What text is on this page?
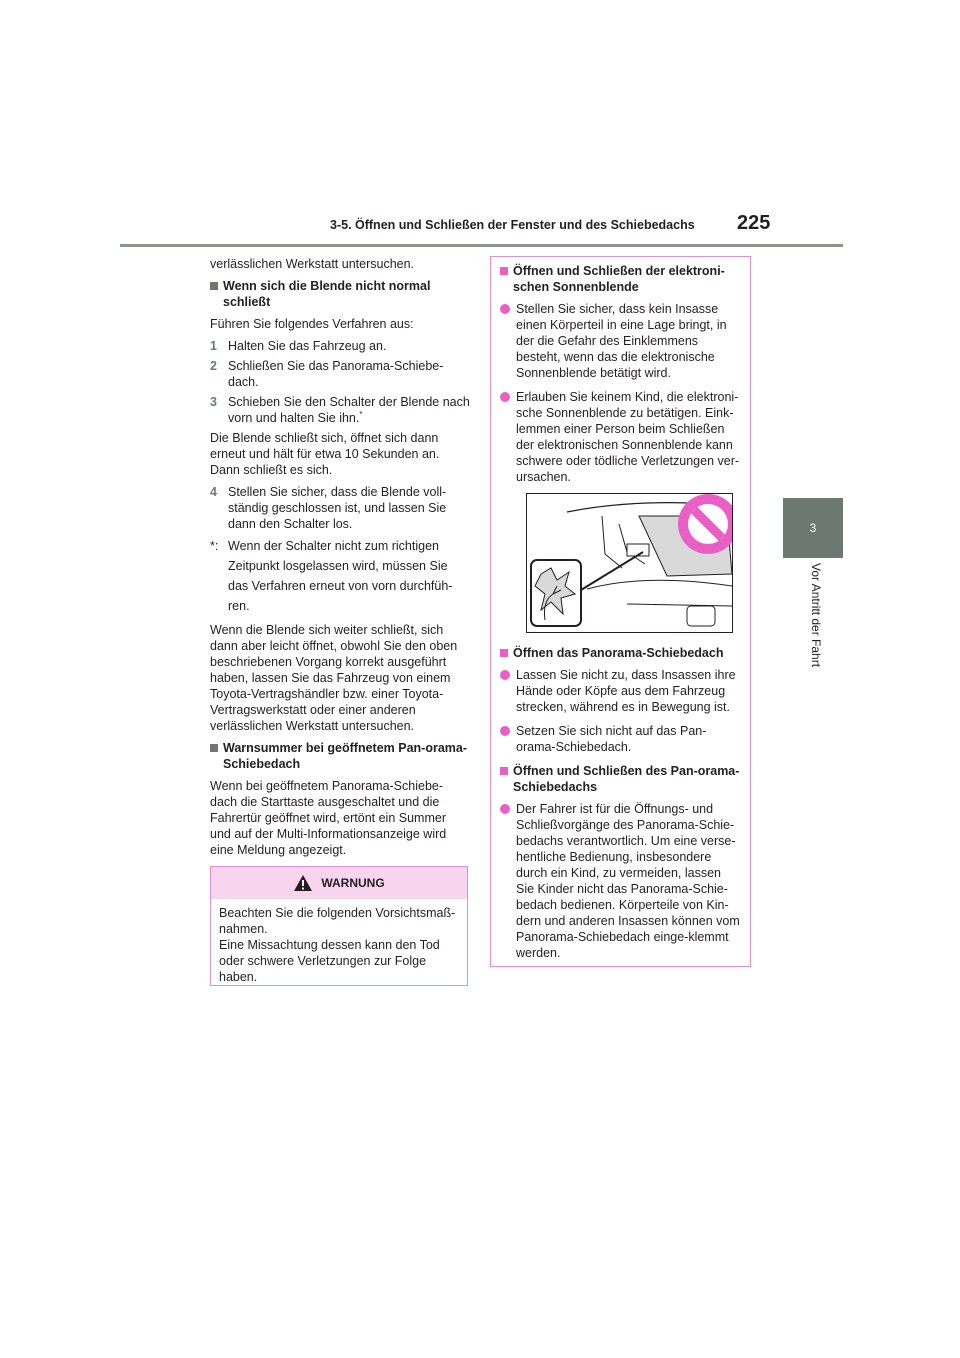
3-5. Öffnen und Schließen der Fenster und des Schiebedachs 225
3
Vor Antritt der Fahrt

verlässlichen Werkstatt untersuchen.

Wenn sich die Blende nicht normal schließt

Führen Sie folgendes Verfahren aus:

1 Halten Sie das Fahrzeug an.
2 Schließen Sie das Panorama-Schiebe-dach.
3 Schieben Sie den Schalter der Blende nach vorn und halten Sie ihn.*

Die Blende schließt sich, öffnet sich dann erneut und hält für etwa 10 Sekunden an. Dann schließt es sich.

4 Stellen Sie sicher, dass die Blende voll-ständig geschlossen ist, und lassen Sie dann den Schalter los.
*: Wenn der Schalter nicht zum richtigen Zeitpunkt losgelassen wird, müssen Sie das Verfahren erneut von vorn durchfüh-ren.

Wenn die Blende sich weiter schließt, sich dann aber leicht öffnet, obwohl Sie den oben beschriebenen Vorgang korrekt ausgeführt haben, lassen Sie das Fahrzeug von einem Toyota-Vertragshändler bzw. einer Toyota-Vertragswerkstatt oder einer anderen verlässlichen Werkstatt untersuchen.

Warnsummer bei geöffnetem Pan-orama-Schiebedach

Wenn bei geöffnetem Panorama-Schiebe-dach die Starttaste ausgeschaltet und die Fahrertür geöffnet wird, ertönt ein Summer und auf der Multi-Informationsanzeige wird eine Meldung angezeigt.

WARNUNG
Beachten Sie die folgenden Vorsichtsmaß-nahmen.
Eine Missachtung dessen kann den Tod oder schwere Verletzungen zur Folge haben.
Öffnen und Schließen der elektroni-schen Sonnenblende
Stellen Sie sicher, dass kein Insasse einen Körperteil in eine Lage bringt, in der die Gefahr des Einklemmens besteht, wenn das die elektronische Sonnenblende betätigt wird.
Erlauben Sie keinem Kind, die elektroni-sche Sonnenblende zu betätigen. Eink-lemmen einer Person beim Schließen der elektronischen Sonnenblende kann schwere oder tödliche Verletzungen ver-ursachen.
Öffnen das Panorama-Schiebedach
Lassen Sie nicht zu, dass Insassen ihre Hände oder Köpfe aus dem Fahrzeug strecken, während es in Bewegung ist.
Setzen Sie sich nicht auf das Pan-orama-Schiebedach.
Öffnen und Schließen des Pan-orama-Schiebedachs
Der Fahrer ist für die Öffnungs- und Schließvorgänge des Panorama-Schie-bedachs verantwortlich. Um eine verse-hentliche Bedienung, insbesondere durch ein Kind, zu vermeiden, lassen Sie Kinder nicht das Panorama-Schie-bedach bedienen. Körperteile von Kin-dern und anderen Insassen können vom Panorama-Schiebedach einge-klemmt werden.
